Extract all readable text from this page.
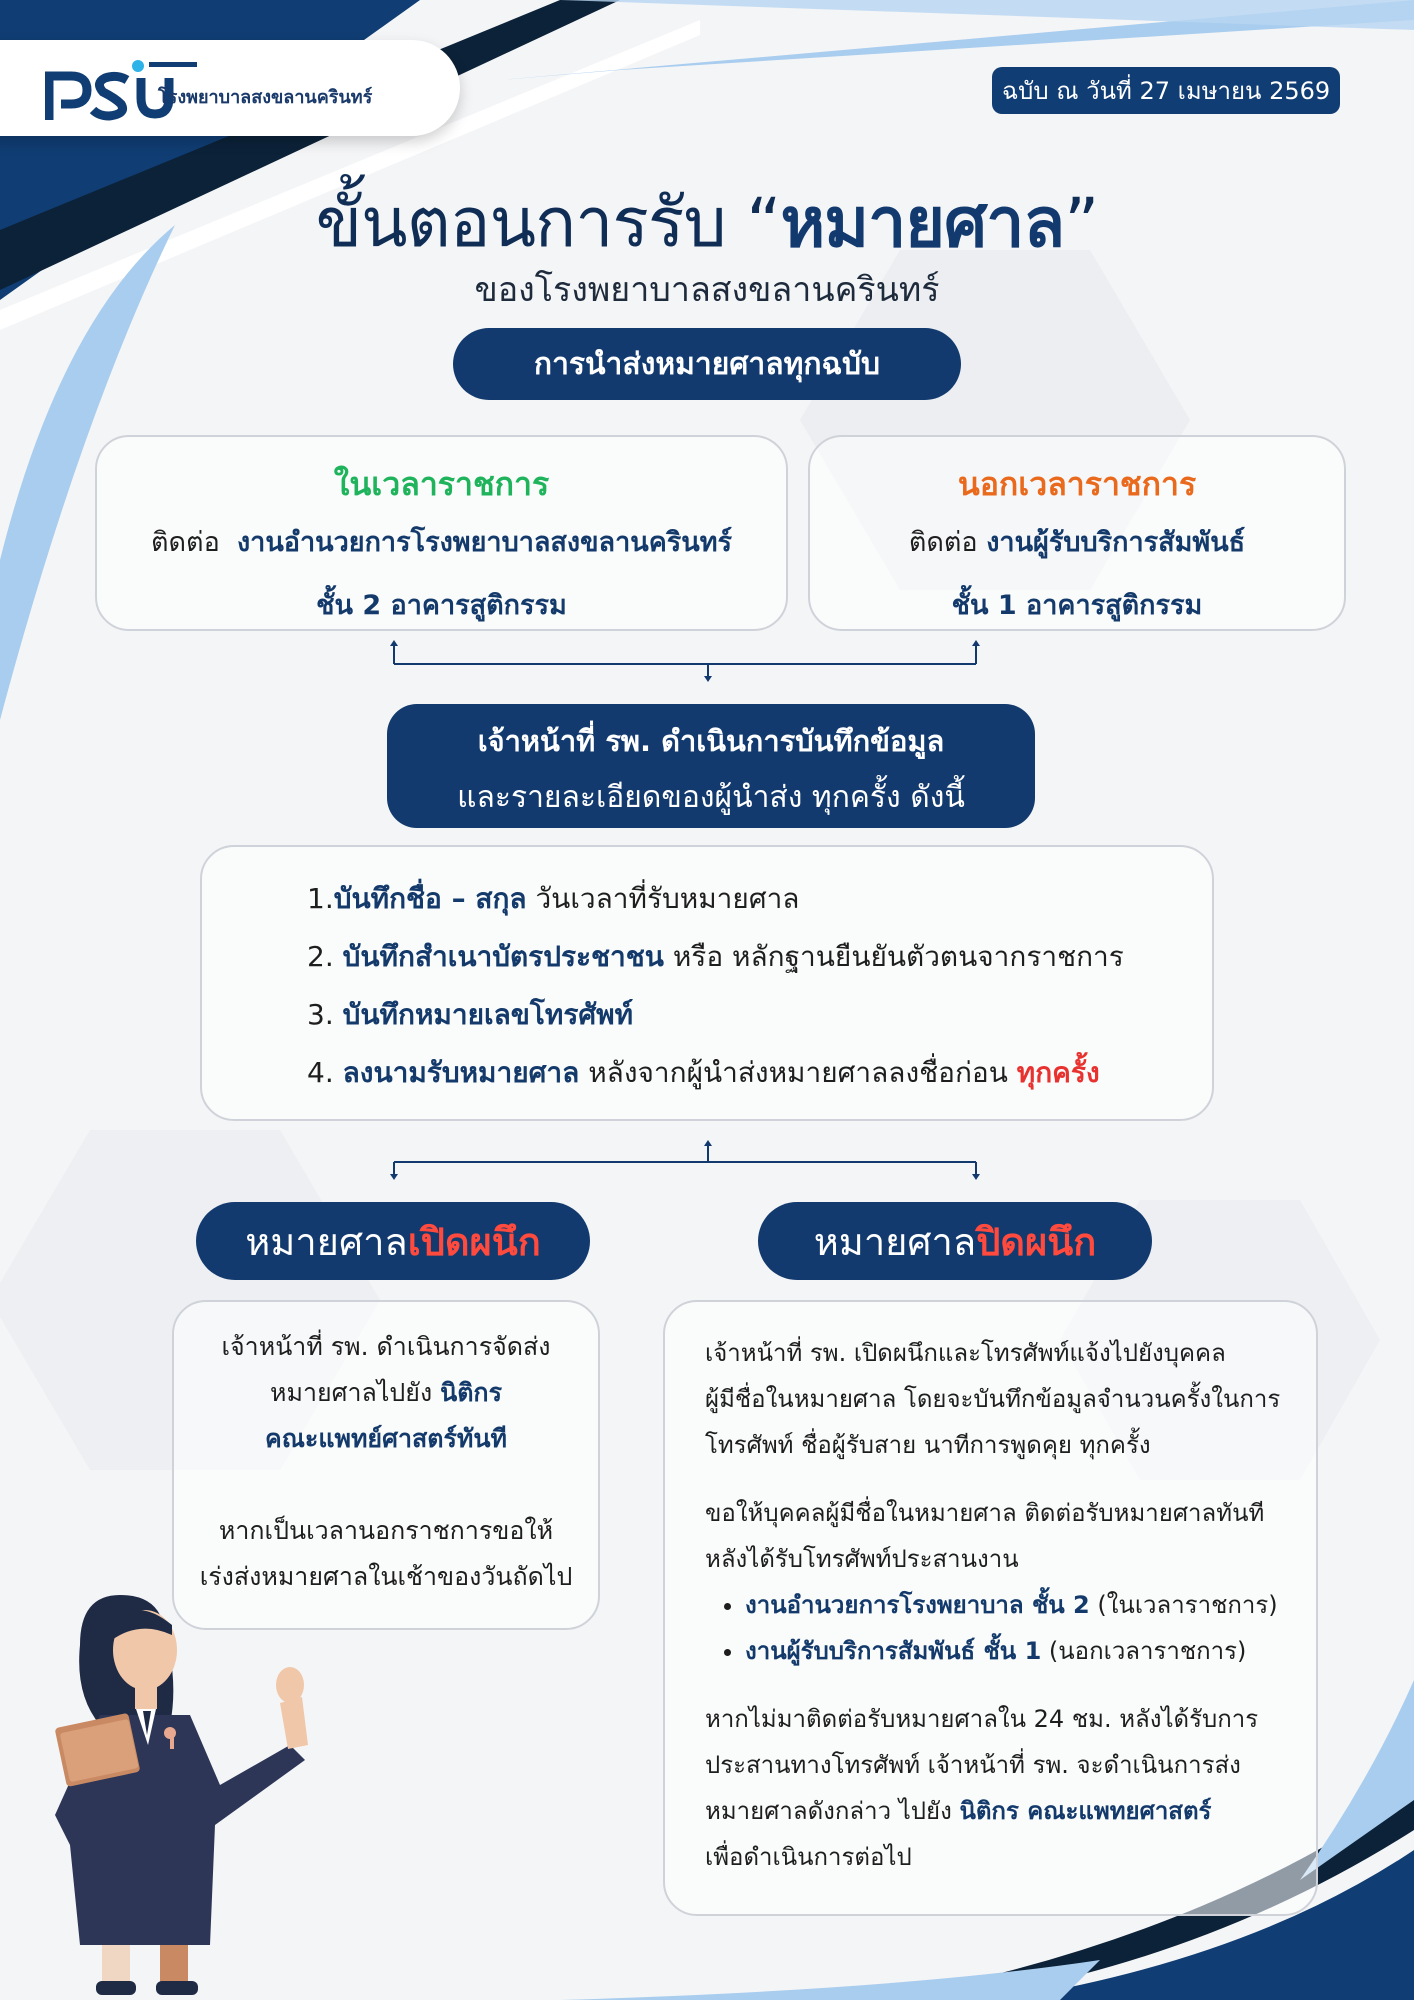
โรงพยาบาลสงขลานครินทร์	ฉบับ ณ วันที่ 27 เมษายน 2569
ขั้นตอนการรับ “หมายศาล”
ของโรงพยาบาลสงขลานครินทร์
การนำส่งหมายศาลทุกฉบับ
ในเวลาราชการ
ติดต่อ งานอำนวยการโรงพยาบาลสงขลานครินทร์
ชั้น 2 อาคารสูติกรรม
นอกเวลาราชการ
ติดต่อ งานผู้รับบริการสัมพันธ์
ชั้น 1 อาคารสูติกรรม
เจ้าหน้าที่ รพ. ดำเนินการบันทึกข้อมูล
และรายละเอียดของผู้นำส่ง ทุกครั้ง ดังนี้
1.บันทึกชื่อ – สกุล วันเวลาที่รับหมายศาล
2. บันทึกสำเนาบัตรประชาชน หรือ หลักฐานยืนยันตัวตนจากราชการ
3. บันทึกหมายเลขโทรศัพท์
4. ลงนามรับหมายศาล หลังจากผู้นำส่งหมายศาลลงชื่อก่อน ทุกครั้ง
หมายศาล เปิดผนึก	หมายศาล ปิดผนึก
เจ้าหน้าที่ รพ. ดำเนินการจัดส่ง
หมายศาลไปยัง นิติกร
คณะแพทย์ศาสตร์ทันที
หากเป็นเวลานอกราชการขอให้
เร่งส่งหมายศาลในเช้าของวันถัดไป
เจ้าหน้าที่ รพ. เปิดผนึกและโทรศัพท์แจ้งไปยังบุคคล
ผู้มีชื่อในหมายศาล โดยจะบันทึกข้อมูลจำนวนครั้งในการ
โทรศัพท์ ชื่อผู้รับสาย นาทีการพูดคุย ทุกครั้ง
ขอให้บุคคลผู้มีชื่อในหมายศาล ติดต่อรับหมายศาลทันที
หลังได้รับโทรศัพท์ประสานงาน
• งานอำนวยการโรงพยาบาล ชั้น 2 (ในเวลาราชการ)
• งานผู้รับบริการสัมพันธ์ ชั้น 1 (นอกเวลาราชการ)
หากไม่มาติดต่อรับหมายศาลใน 24 ชม. หลังได้รับการ
ประสานทางโทรศัพท์ เจ้าหน้าที่ รพ. จะดำเนินการส่ง
หมายศาลดังกล่าว ไปยัง นิติกร คณะแพทยศาสตร์
เพื่อดำเนินการต่อไป
